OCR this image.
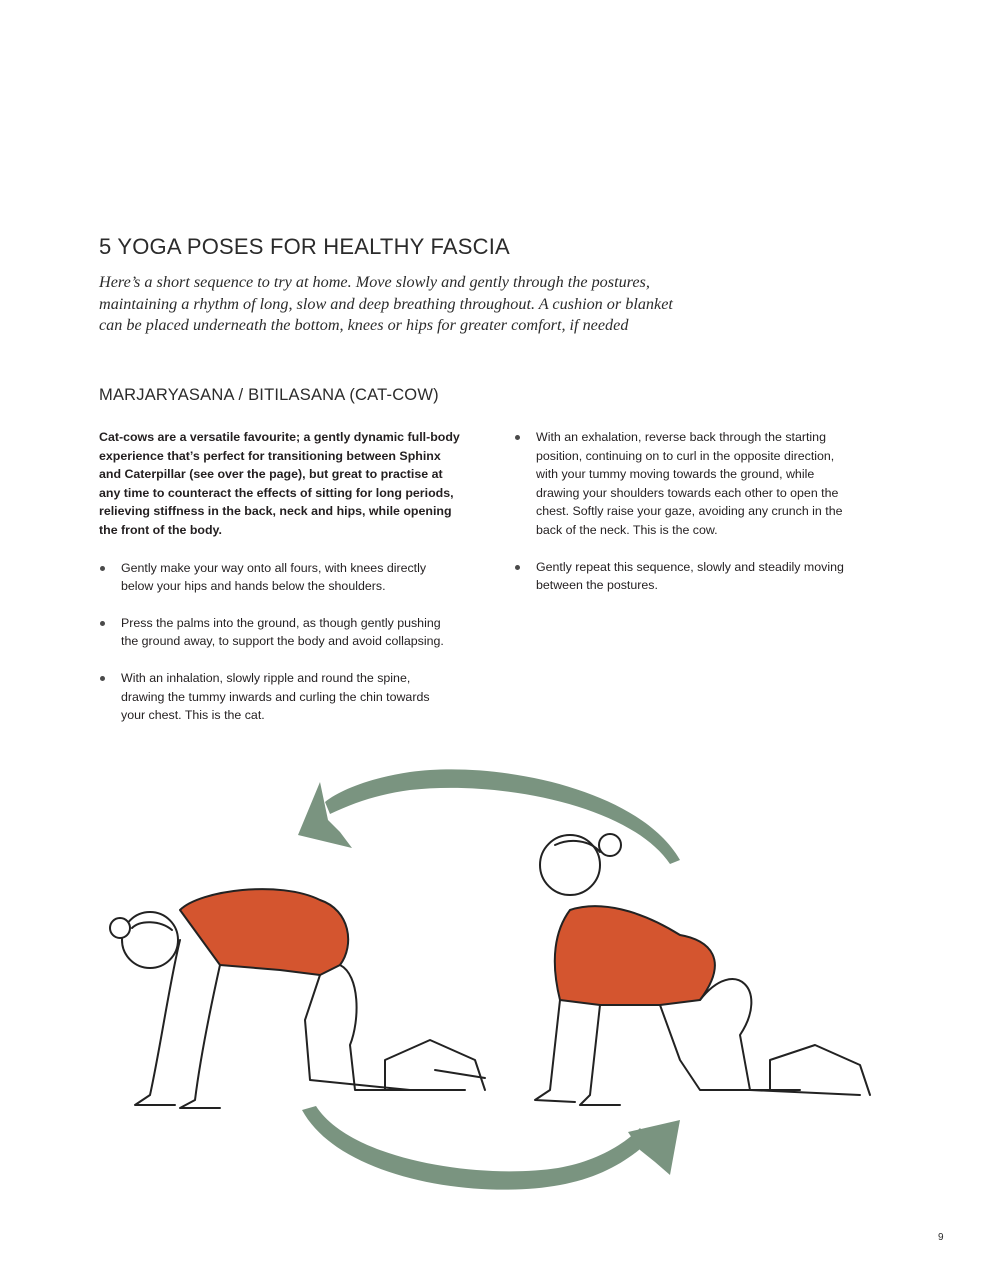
5 YOGA POSES FOR HEALTHY FASCIA
Here’s a short sequence to try at home. Move slowly and gently through the postures,
maintaining a rhythm of long, slow and deep breathing throughout. A cushion or blanket
can be placed underneath the bottom, knees or hips for greater comfort, if needed
MARJARYASANA / BITILASANA (CAT-COW)

Cat-cows are a versatile favourite; a gently dynamic full-body
experience that’s perfect for transitioning between Sphinx
and Caterpillar (see over the page), but great to practise at
any time to counteract the effects of sitting for long periods,
relieving stiffness in the back, neck and hips, while opening
the front of the body.

Gently make your way onto all fours, with knees directly
below your hips and hands below the shoulders.
Press the palms into the ground, as though gently pushing
the ground away, to support the body and avoid collapsing.
With an inhalation, slowly ripple and round the spine,
drawing the tummy inwards and curling the chin towards
your chest. This is the cat.
With an exhalation, reverse back through the starting
position, continuing on to curl in the opposite direction,
with your tummy moving towards the ground, while
drawing your shoulders towards each other to open the
chest. Softly raise your gaze, avoiding any crunch in the
back of the neck. This is the cow.
Gently repeat this sequence, slowly and steadily moving
between the postures.
9
